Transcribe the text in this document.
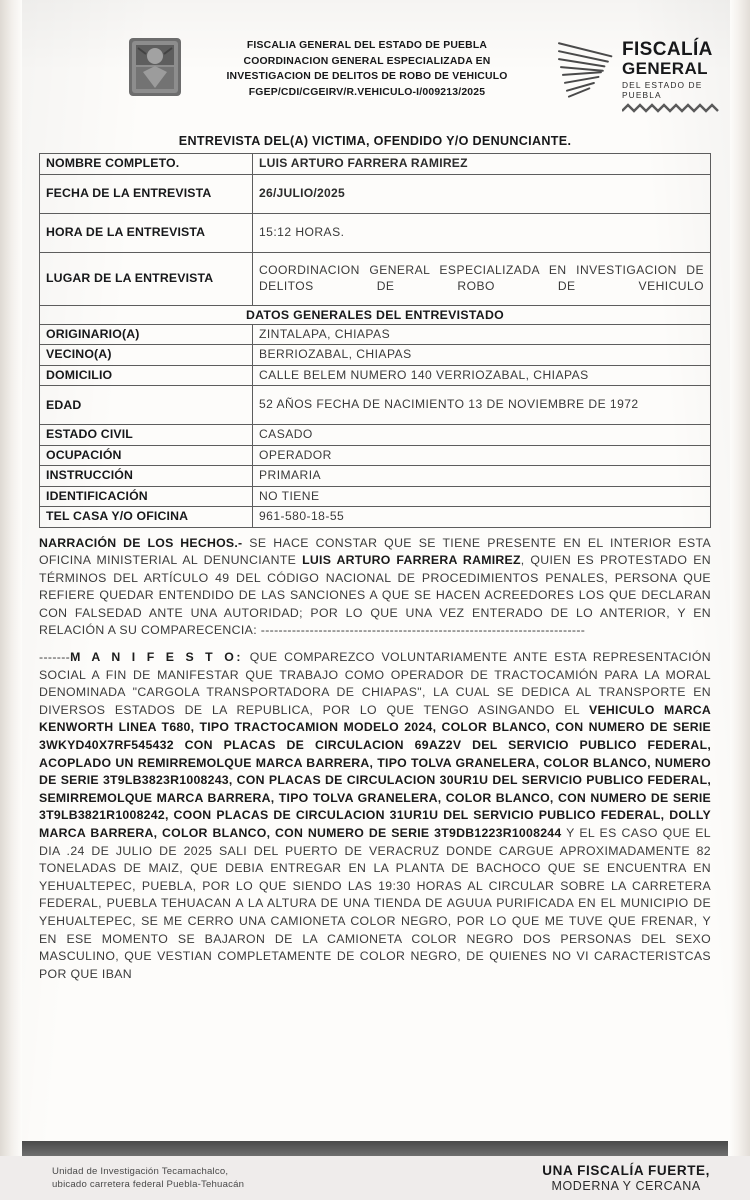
FISCALIA GENERAL DEL ESTADO DE PUEBLA
COORDINACION GENERAL ESPECIALIZADA EN
INVESTIGACION DE DELITOS DE ROBO DE VEHICULO
FGEP/CDI/CGEIRV/R.VEHICULO-I/009213/2025
FISCALÍA
GENERAL
DEL ESTADO DE PUEBLA
ENTREVISTA DEL(A) VICTIMA, OFENDIDO Y/O DENUNCIANTE.
NOMBRE COMPLETO.	LUIS ARTURO FARRERA RAMIREZ
FECHA DE LA ENTREVISTA	26/JULIO/2025
HORA DE LA ENTREVISTA	15:12 HORAS.
LUGAR DE LA ENTREVISTA	COORDINACION GENERAL ESPECIALIZADA EN INVESTIGACION DE DELITOS DE ROBO DE VEHICULO
DATOS GENERALES DEL ENTREVISTADO	
ORIGINARIO(A)	ZINTALAPA, CHIAPAS
VECINO(A)	BERRIOZABAL, CHIAPAS
DOMICILIO	CALLE BELEM NUMERO 140 VERRIOZABAL, CHIAPAS
EDAD	52 AÑOS FECHA DE NACIMIENTO 13 DE NOVIEMBRE DE 1972
ESTADO CIVIL	CASADO
OCUPACIÓN	OPERADOR
INSTRUCCIÓN	PRIMARIA
IDENTIFICACIÓN	NO TIENE
TEL CASA Y/O OFICINA	961-580-18-55
NARRACIÓN DE LOS HECHOS.- SE HACE CONSTAR QUE SE TIENE PRESENTE EN EL INTERIOR ESTA OFICINA MINISTERIAL AL DENUNCIANTE LUIS ARTURO FARRERA RAMIREZ, QUIEN ES PROTESTADO EN TÉRMINOS DEL ARTÍCULO 49 DEL CÓDIGO NACIONAL DE PROCEDIMIENTOS PENALES, PERSONA QUE REFIERE QUEDAR ENTENDIDO DE LAS SANCIONES A QUE SE HACEN ACREEDORES LOS QUE DECLARAN CON FALSEDAD ANTE UNA AUTORIDAD; POR LO QUE UNA VEZ ENTERADO DE LO ANTERIOR, Y EN RELACIÓN A SU COMPARECENCIA: -------------------------------------------------------------------------
-------M A N I F E S T O: QUE COMPAREZCO VOLUNTARIAMENTE ANTE ESTA REPRESENTACIÓN SOCIAL A FIN DE MANIFESTAR QUE TRABAJO COMO OPERADOR DE TRACTOCAMIÓN PARA LA MORAL DENOMINADA "CARGOLA TRANSPORTADORA DE CHIAPAS", LA CUAL SE DEDICA AL TRANSPORTE EN DIVERSOS ESTADOS DE LA REPUBLICA, POR LO QUE TENGO ASINGANDO EL VEHICULO MARCA KENWORTH LINEA T680, TIPO TRACTOCAMION MODELO 2024, COLOR BLANCO, CON NUMERO DE SERIE 3WKYD40X7RF545432 CON PLACAS DE CIRCULACION 69AZ2V DEL SERVICIO PUBLICO FEDERAL, ACOPLADO UN REMIRREMOLQUE MARCA BARRERA, TIPO TOLVA GRANELERA, COLOR BLANCO, NUMERO DE SERIE 3T9LB3823R1008243, CON PLACAS DE CIRCULACION 30UR1U DEL SERVICIO PUBLICO FEDERAL, SEMIRREMOLQUE MARCA BARRERA, TIPO TOLVA GRANELERA, COLOR BLANCO, CON NUMERO DE SERIE 3T9LB3821R1008242, COON PLACAS DE CIRCULACION 31UR1U DEL SERVICIO PUBLICO FEDERAL, DOLLY MARCA BARRERA, COLOR BLANCO, CON NUMERO DE SERIE 3T9DB1223R1008244 Y EL ES CASO QUE EL DIA .24 DE JULIO DE 2025 SALI DEL PUERTO DE VERACRUZ DONDE CARGUE APROXIMADAMENTE 82 TONELADAS DE MAIZ, QUE DEBIA ENTREGAR EN LA PLANTA DE BACHOCO QUE SE ENCUENTRA EN YEHUALTEPEC, PUEBLA, POR LO QUE SIENDO LAS 19:30 HORAS AL CIRCULAR SOBRE LA CARRETERA FEDERAL, PUEBLA TEHUACAN A LA ALTURA DE UNA TIENDA DE AGUUA PURIFICADA EN EL MUNICIPIO DE YEHUALTEPEC, SE ME CERRO UNA CAMIONETA COLOR NEGRO, POR LO QUE ME TUVE QUE FRENAR, Y EN ESE MOMENTO SE BAJARON DE LA CAMIONETA COLOR NEGRO DOS PERSONAS DEL SEXO MASCULINO, QUE VESTIAN COMPLETAMENTE DE COLOR NEGRO, DE QUIENES NO VI CARACTERISTCAS POR QUE IBAN
Unidad de Investigación Tecamachalco,
ubicado carretera federal Puebla-Tehuacán
UNA FISCALÍA FUERTE,
MODERNA Y CERCANA
